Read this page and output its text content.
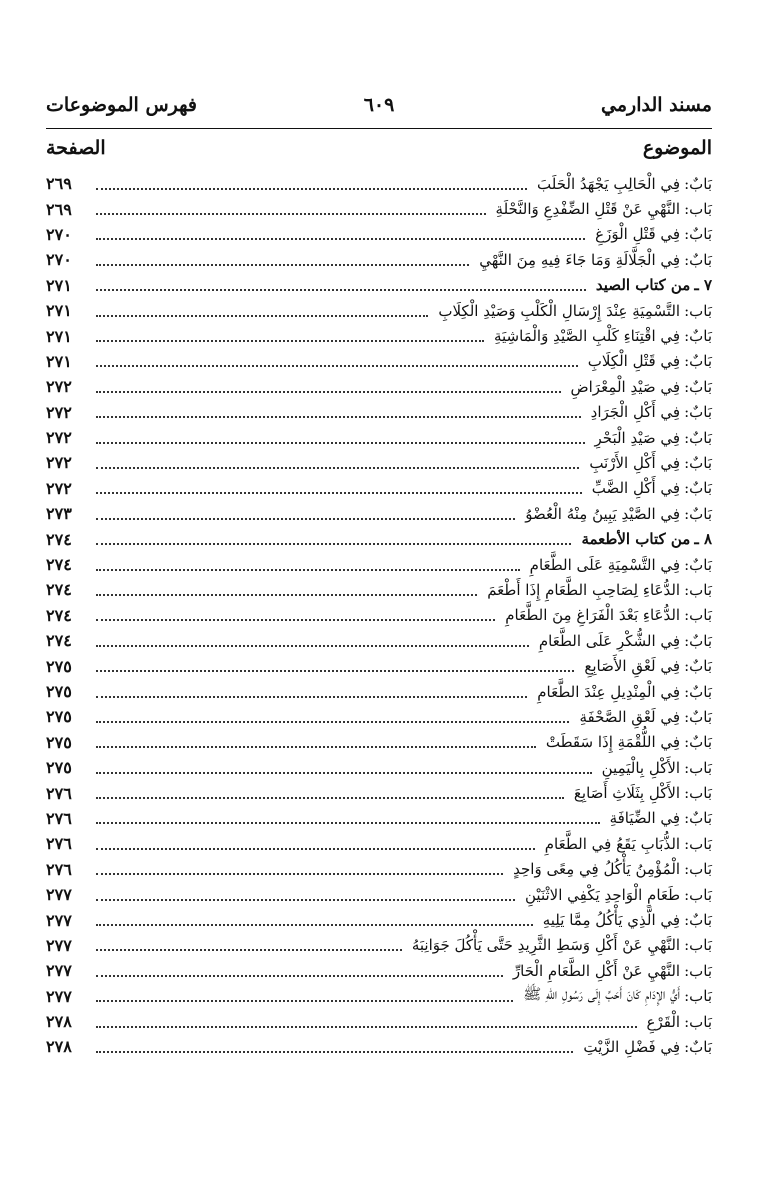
مسند الدارمي
٦٠٩
فهرس الموضوعات
الموضوع
الصفحة
بَابٌ:
فِي الْحَالِبِ يَجْهَدُ الْحَلَبَ
٢٦٩
بَاب:
النَّهْيِ عَنْ قَتْلِ الضِّفْدِعِ وَالنَّحْلَةِ
٢٦٩
بَابٌ:
فِي قَتْلِ الْوَزَغِ
٢٧٠
بَابٌ:
فِي الْجَلَّالَةِ وَمَا جَاءَ فِيهِ مِنَ النَّهْيِ
٢٧٠
٧ ـ
من كتاب الصيد
٢٧١
بَاب:
التَّسْمِيَةِ عِنْدَ إِرْسَالِ الْكَلْبِ وَصَيْدِ الْكِلَابِ
٢٧١
بَابٌ:
فِي اقْتِنَاءِ كَلْبِ الصَّيْدِ وَالْمَاشِيَةِ
٢٧١
بَابٌ:
فِي قَتْلِ الْكِلَابِ
٢٧١
بَابٌ:
فِي صَيْدِ الْمِعْرَاضِ
٢٧٢
بَابٌ:
فِي أَكْلِ الْجَرَادِ
٢٧٢
بَابٌ:
فِي صَيْدِ الْبَحْرِ
٢٧٢
بَابٌ:
فِي أَكْلِ الأَرْنَبِ
٢٧٢
بَابٌ:
فِي أَكْلِ الضَّبِّ
٢٧٢
بَابٌ:
فِي الصَّيْدِ يَبِينُ مِنْهُ الْعُضْوُ
٢٧٣
٨ ـ
من كتاب الأطعمة
٢٧٤
بَابٌ:
فِي التَّسْمِيَةِ عَلَى الطَّعَامِ
٢٧٤
بَاب:
الدُّعَاءِ لِصَاحِبِ الطَّعَامِ إِذَا أَطْعَمَ
٢٧٤
بَاب:
الدُّعَاءِ بَعْدَ الْفَرَاغِ مِنَ الطَّعَامِ
٢٧٤
بَابٌ:
فِي الشُّكْرِ عَلَى الطَّعَامِ
٢٧٤
بَابٌ:
فِي لَعْقِ الأَصَابِعِ
٢٧٥
بَابٌ:
فِي الْمِنْدِيلِ عِنْدَ الطَّعَامِ
٢٧٥
بَابٌ:
فِي لَعْقِ الصَّحْفَةِ
٢٧٥
بَابٌ:
فِي اللُّقْمَةِ إِذَا سَقَطَتْ
٢٧٥
بَاب:
الأَكْلِ بِالْيَمِينِ
٢٧٥
بَاب:
الأَكْلِ بِثَلَاثِ أَصَابِعَ
٢٧٦
بَابٌ:
فِي الضِّيَافَةِ
٢٧٦
بَاب:
الذُّبَابِ يَقَعُ فِي الطَّعَامِ
٢٧٦
بَاب:
الْمُؤْمِنُ يَأْكُلُ فِي مِعًى وَاحِدٍ
٢٧٦
بَاب:
طَعَامِ الْوَاحِدِ يَكْفِي الاثْنَيْنِ
٢٧٧
بَابٌ:
فِي الَّذِي يَأْكُلُ مِمَّا يَلِيهِ
٢٧٧
بَاب:
النَّهْيِ عَنْ أَكْلِ وَسَطِ الثَّرِيدِ حَتَّى يَأْكُلَ جَوَانِبَهُ
٢٧٧
بَاب:
النَّهْيِ عَنْ أَكْلِ الطَّعَامِ الْحَارِّ
٢٧٧
بَاب:
أَيُّ الإِدَامِ كَانَ أَحَبَّ إِلَى رَسُولِ اللهِ ﷺ
٢٧٧
بَاب:
الْقَرْعِ
٢٧٨
بَابٌ:
فِي فَضْلِ الزَّيْتِ
٢٧٨
